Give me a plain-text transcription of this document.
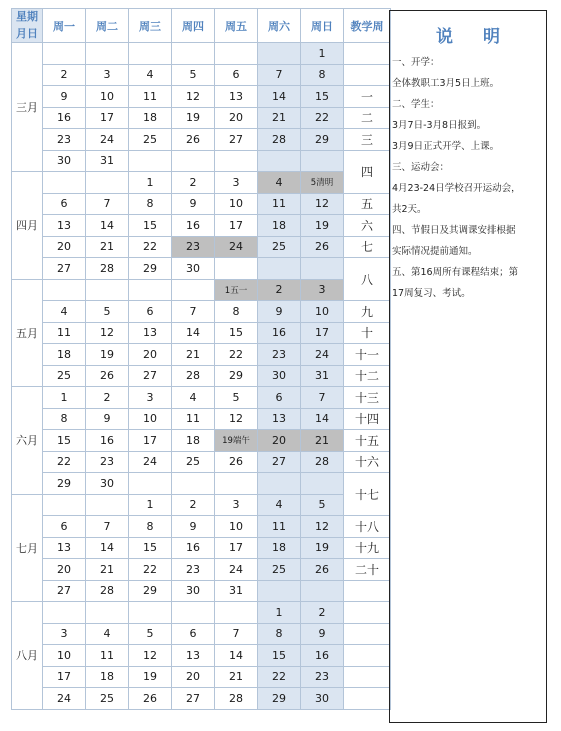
星期
月日	周一	周二	周三	周四	周五	周六	周日	教学周

三月							1	
	2	3	4	5	6	7	8	
	9	10	11	12	13	14	15	一
	16	17	18	19	20	21	22	二
	23	24	25	26	27	28	29	三
	30	31						四
四月			1	2	3	4	5清明	
	6	7	8	9	10	11	12	五
	13	14	15	16	17	18	19	六
	20	21	22	23	24	25	26	七
	27	28	29	30				八
五月					1五一	2	3	
	4	5	6	7	8	9	10	九
	11	12	13	14	15	16	17	十
	18	19	20	21	22	23	24	十一
	25	26	27	28	29	30	31	十二
六月	1	2	3	4	5	6	7	十三
	8	9	10	11	12	13	14	十四
	15	16	17	18	19端午	20	21	十五
	22	23	24	25	26	27	28	十六
	29	30						十七
七月			1	2	3	4	5	
	6	7	8	9	10	11	12	十八
	13	14	15	16	17	18	19	十九
	20	21	22	23	24	25	26	二十
	27	28	29	30	31			
八月						1	2	
	3	4	5	6	7	8	9	
	10	11	12	13	14	15	16	
	17	18	19	20	21	22	23	
	24	25	26	27	28	29	30	
说 明
一、开学：
全体教职工3月5日上班。
二、学生：
3月7日-3月8日报到。
3月9日正式开学、上课。
三、运动会：
4月23-24日学校召开运动会，
共2天。
四、节假日及其调课安排根据
实际情况提前通知。
五、第16周所有课程结束；第
17周复习、考试。
